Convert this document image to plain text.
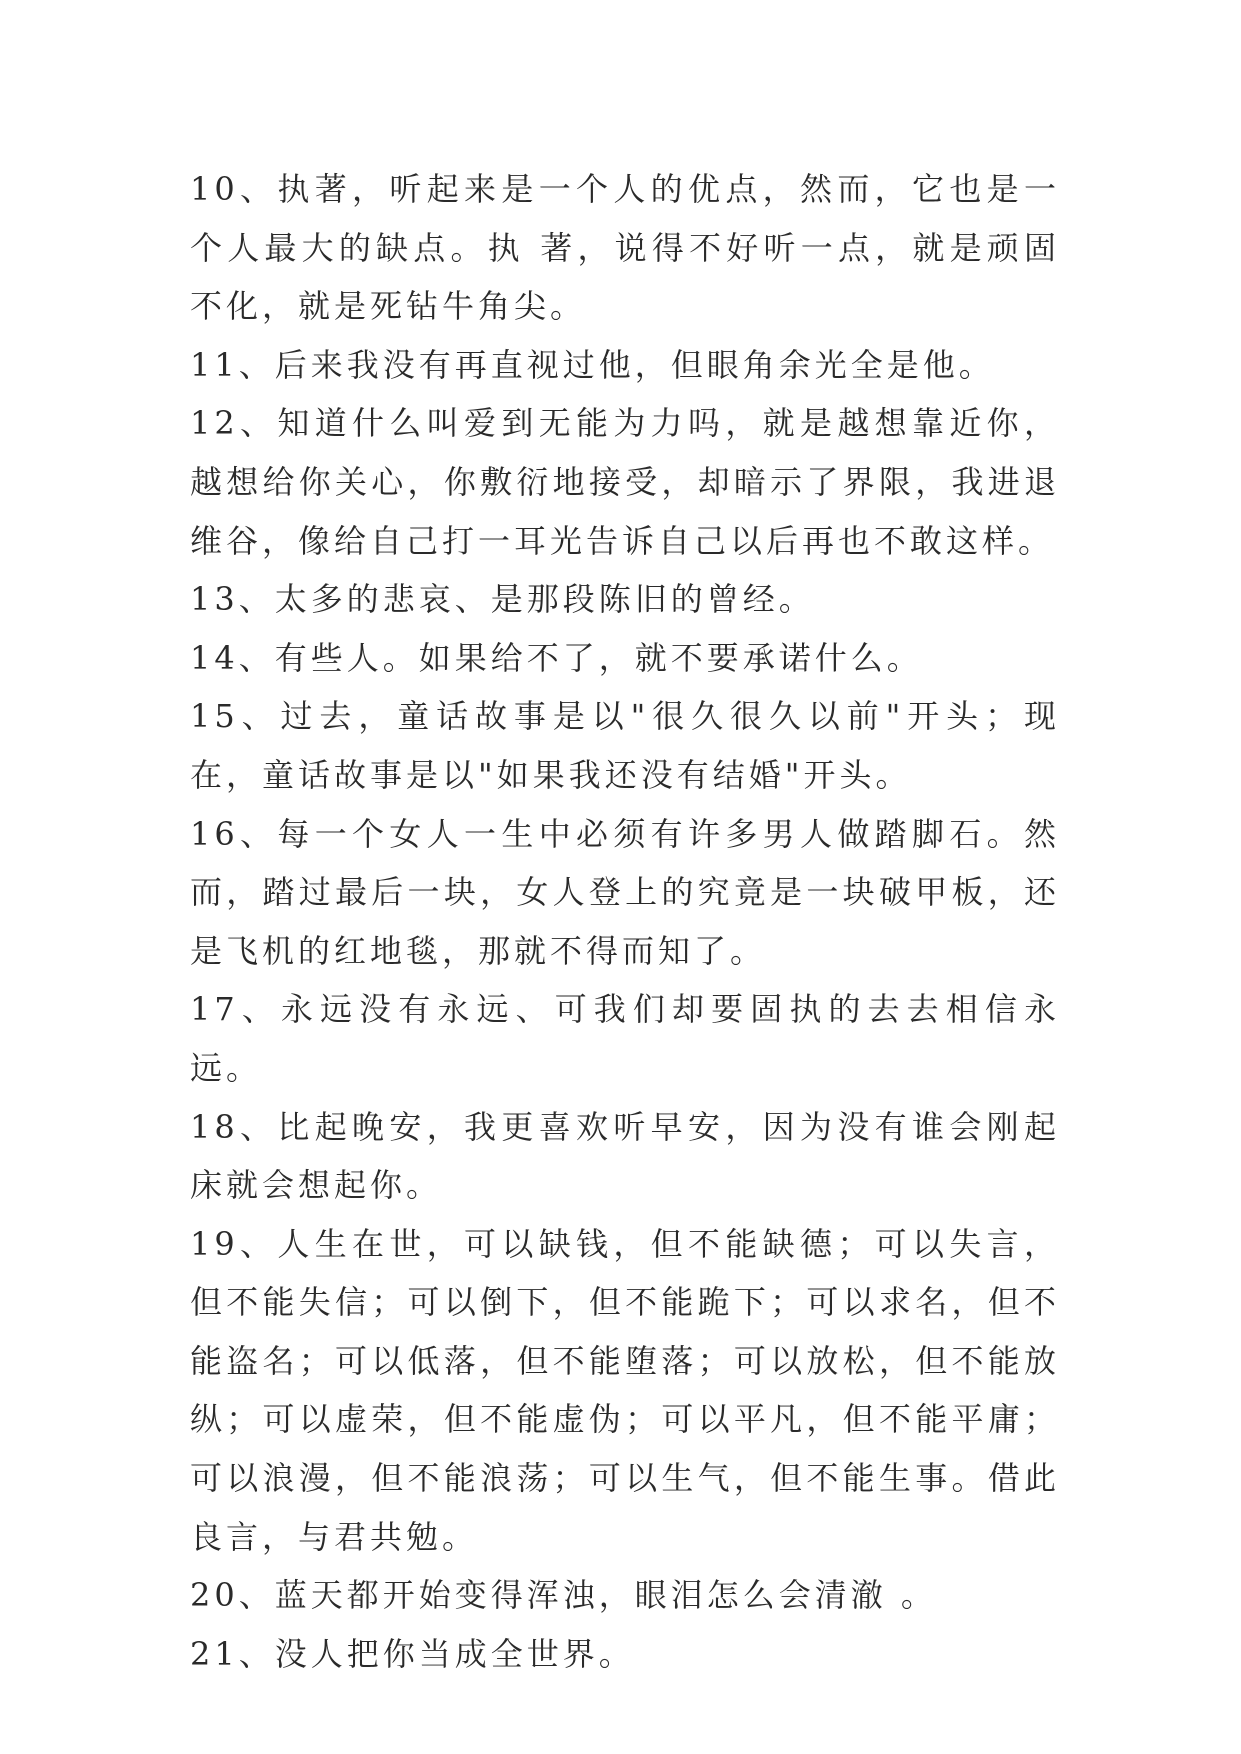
10、执著，听起来是一个人的优点，然而，它也是一个人最大的缺点。执 著，说得不好听一点，就是顽固不化，就是死钻牛角尖。

11、后来我没有再直视过他，但眼角余光全是他。

12、知道什么叫爱到无能为力吗，就是越想靠近你，越想给你关心，你敷衍地接受，却暗示了界限，我进退维谷，像给自己打一耳光告诉自己以后再也不敢这样。

13、太多的悲哀、是那段陈旧的曾经。

14、有些人。如果给不了，就不要承诺什么。

15、过去，童话故事是以"很久很久以前"开头；现在，童话故事是以"如果我还没有结婚"开头。

16、每一个女人一生中必须有许多男人做踏脚石。然而，踏过最后一块，女人登上的究竟是一块破甲板，还是飞机的红地毯，那就不得而知了。

17、永远没有永远、可我们却要固执的去去相信永远。

18、比起晚安，我更喜欢听早安，因为没有谁会刚起床就会想起你。

19、人生在世，可以缺钱，但不能缺德；可以失言，但不能失信；可以倒下，但不能跪下；可以求名，但不能盗名；可以低落，但不能堕落；可以放松，但不能放纵；可以虚荣，但不能虚伪；可以平凡，但不能平庸；可以浪漫，但不能浪荡；可以生气，但不能生事。借此良言，与君共勉。

20、蓝天都开始变得浑浊，眼泪怎么会清澈 。

21、没人把你当成全世界。
